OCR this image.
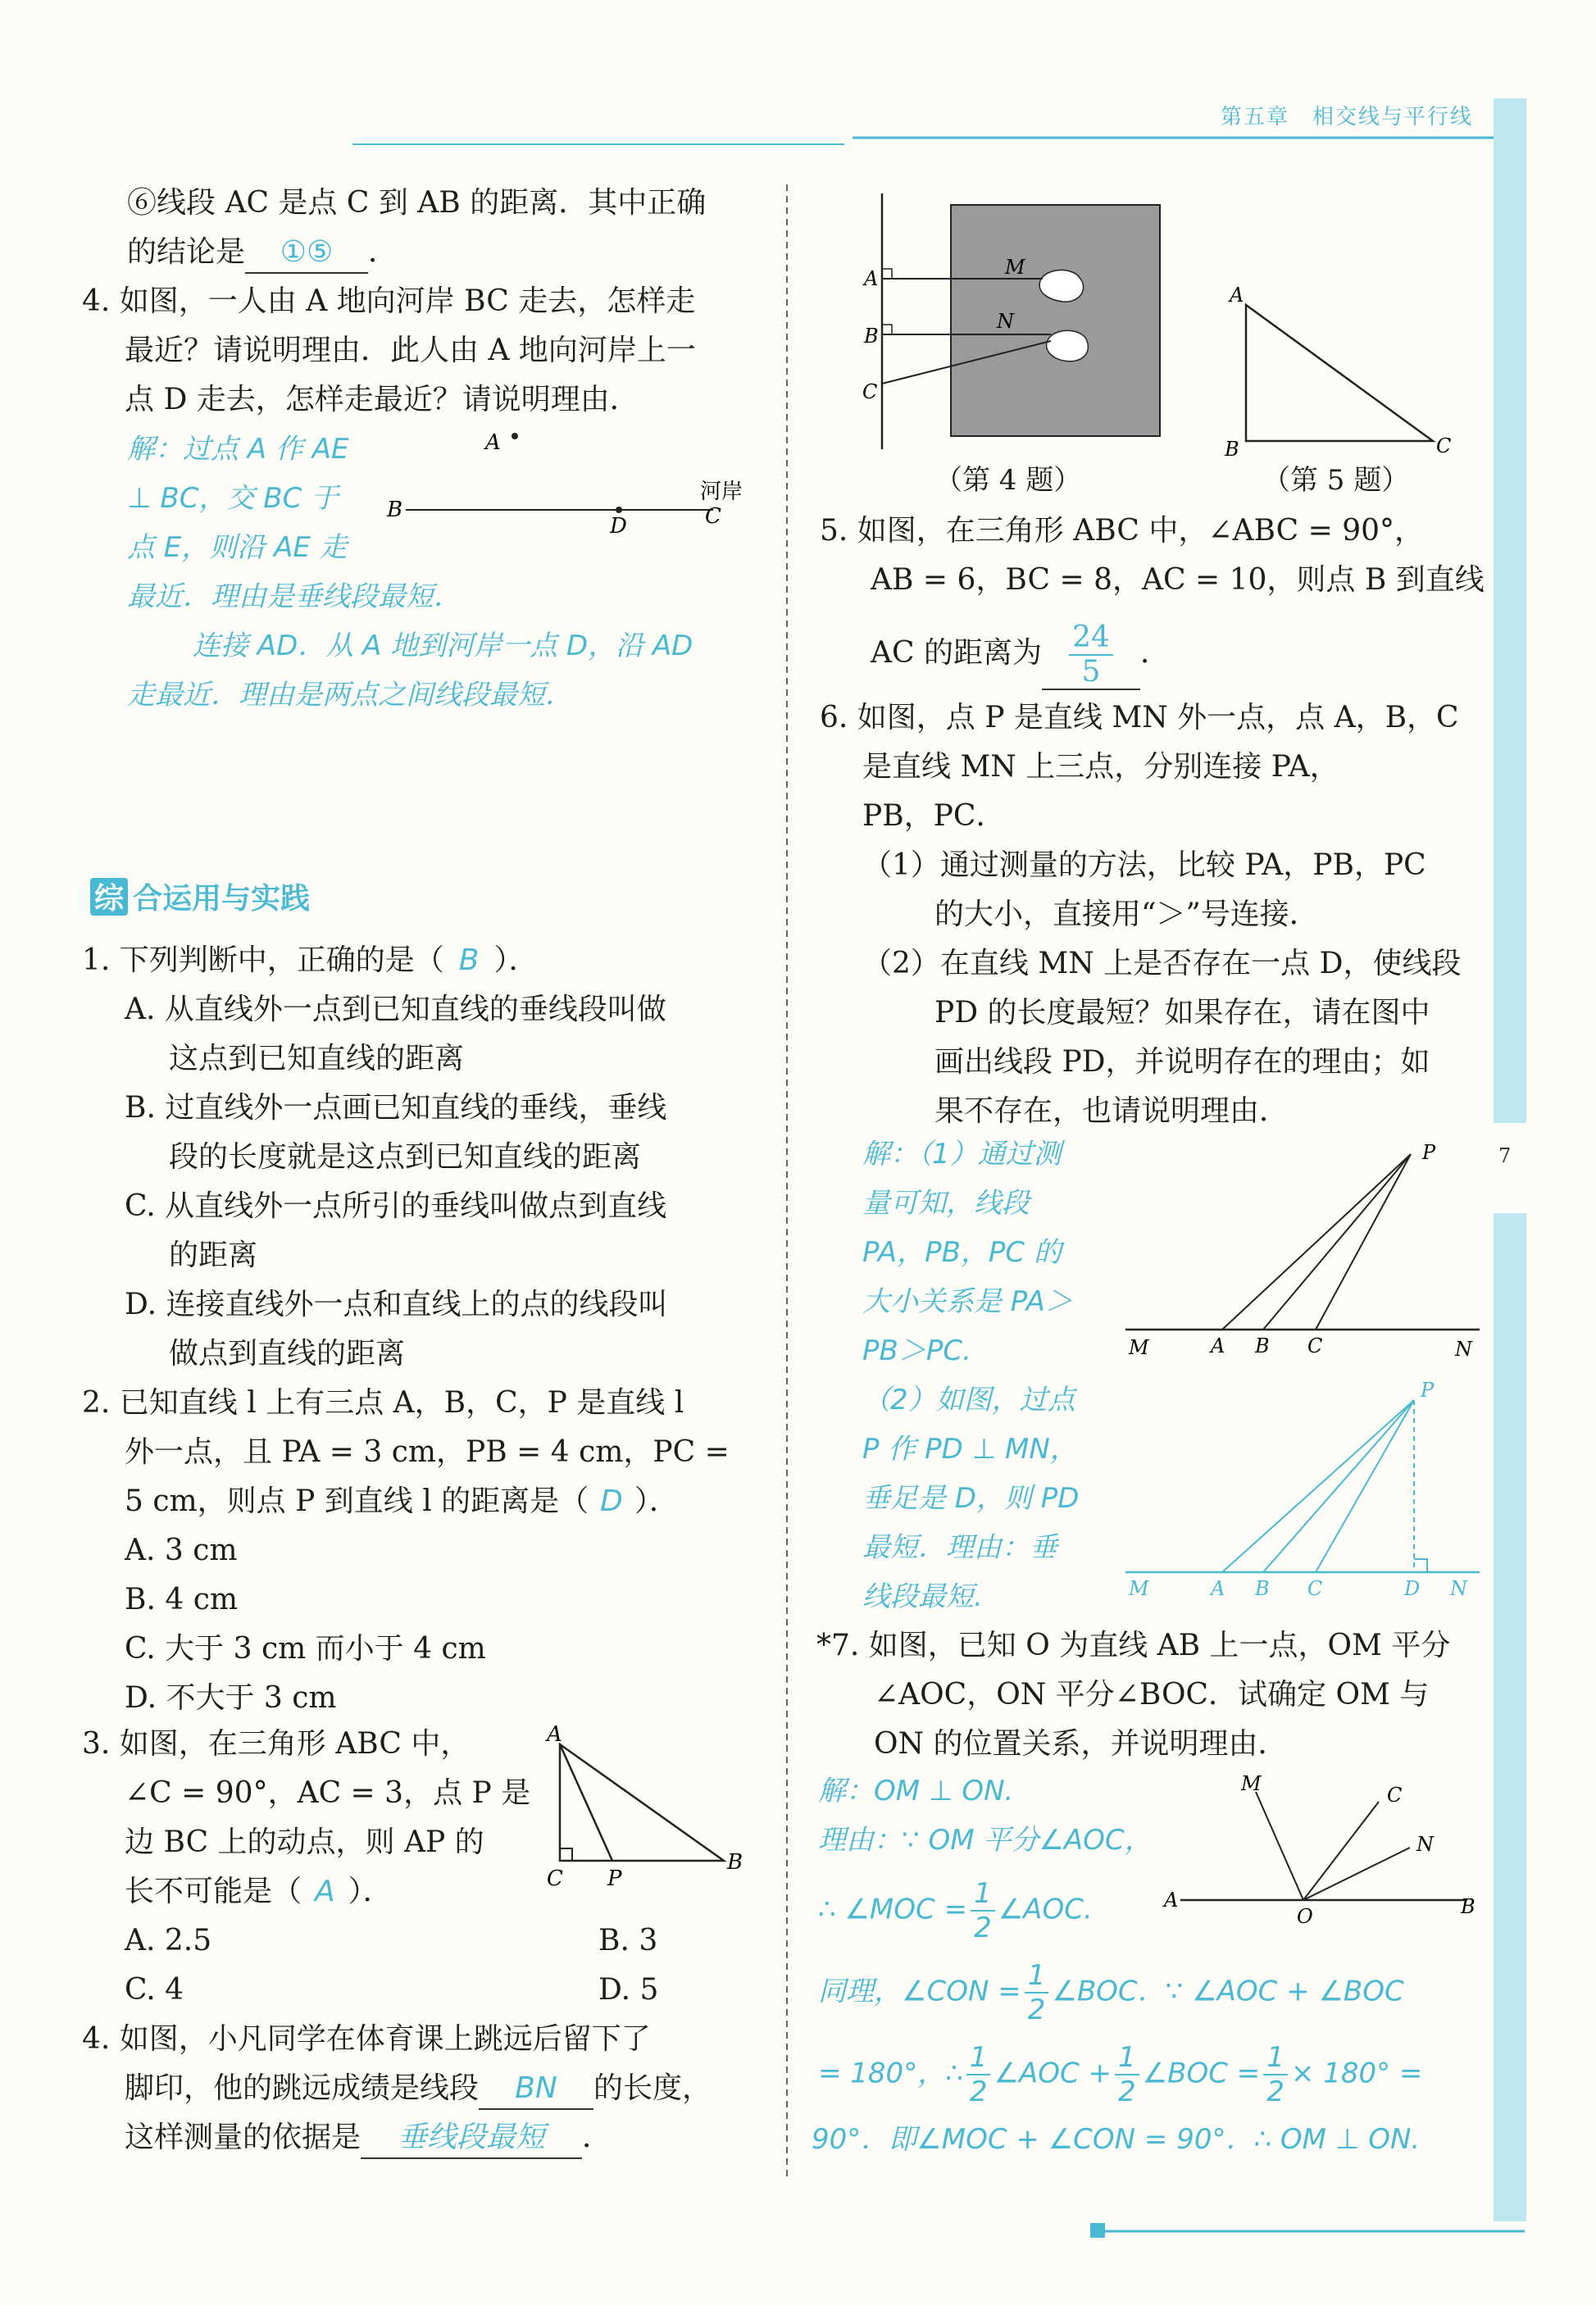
第五章　相交线与平行线
7
⑥线段 AC 是点 C 到 AB 的距离．其中正确
的结论是 ①⑤ ．
4. 如图，一人由 A 地向河岸 BC 走去，怎样走
最近？请说明理由．此人由 A 地向河岸上一
点 D 走去，怎样走最近？请说明理由．
解：过点 A 作 AE
⊥ BC，交 BC 于
点 E，则沿 AE 走
最近．理由是垂线段最短．
连接 AD．从 A 地到河岸一点 D，沿 AD
走最近．理由是两点之间线段最短．
A
B
D	C
河岸
综 合运用与实践
1. 下列判断中，正确的是（ B ）．
A. 从直线外一点到已知直线的垂线段叫做
这点到已知直线的距离
B. 过直线外一点画已知直线的垂线，垂线
段的长度就是这点到已知直线的距离
C. 从直线外一点所引的垂线叫做点到直线
的距离
D. 连接直线外一点和直线上的点的线段叫
做点到直线的距离
2. 已知直线 l 上有三点 A，B，C，P 是直线 l
外一点，且 PA = 3 cm，PB = 4 cm，PC =
5 cm，则点 P 到直线 l 的距离是（ D ）．
A. 3 cm
B. 4 cm
C. 大于 3 cm 而小于 4 cm
D. 不大于 3 cm
3. 如图，在三角形 ABC 中，
∠C = 90°，AC = 3，点 P 是
边 BC 上的动点，则 AP 的
长不可能是（ A ）．
A. 2.5	B. 3
C. 4	D. 5
A
C P
B
4. 如图，小凡同学在体育课上跳远后留下了
脚印，他的跳远成绩是线段 BN 的长度，
这样测量的依据是 垂线段最短 ．
A
B
C
M
N
（第 4 题）
A
B	C
（第 5 题）
5. 如图，在三角形 ABC 中，∠ABC = 90°，
AB = 6，BC = 8，AC = 10，则点 B 到直线
AC 的距离为 $\frac{24}{5}$ ．
6. 如图，点 P 是直线 MN 外一点，点 A，B，C
是直线 MN 上三点，分别连接 PA，
PB，PC．
（1）通过测量的方法，比较 PA，PB，PC
的大小，直接用“＞”号连接．
（2）在直线 MN 上是否存在一点 D，使线段
PD 的长度最短？如果存在，请在图中
画出线段 PD，并说明存在的理由；如
果不存在，也请说明理由．
解：（1）通过测
量可知，线段
PA，PB，PC 的
大小关系是 PA＞
PB＞PC.
（2）如图，过点
P 作 PD ⊥ MN，
垂足是 D，则 PD
最短．理由：垂
线段最短.
P
M	A B C	N
P
M	A B C	D N
*7. 如图，已知 O 为直线 AB 上一点，OM 平分
∠AOC，ON 平分∠BOC．试确定 OM 与
ON 的位置关系，并说明理由．
解：OM ⊥ ON.
理由：∵ OM 平分∠AOC，
∴ ∠MOC = $\frac{1}{2}$ ∠AOC.
同理，∠CON = $\frac{1}{2}$ ∠BOC．∵ ∠AOC + ∠BOC
= 180°，∴ $\frac{1}{2}$ ∠AOC + $\frac{1}{2}$ ∠BOC = $\frac{1}{2} \times 180^\circ$ =
90°．即∠MOC + ∠CON = 90°．∴ OM ⊥ ON.
M	C
N
A
O	B
